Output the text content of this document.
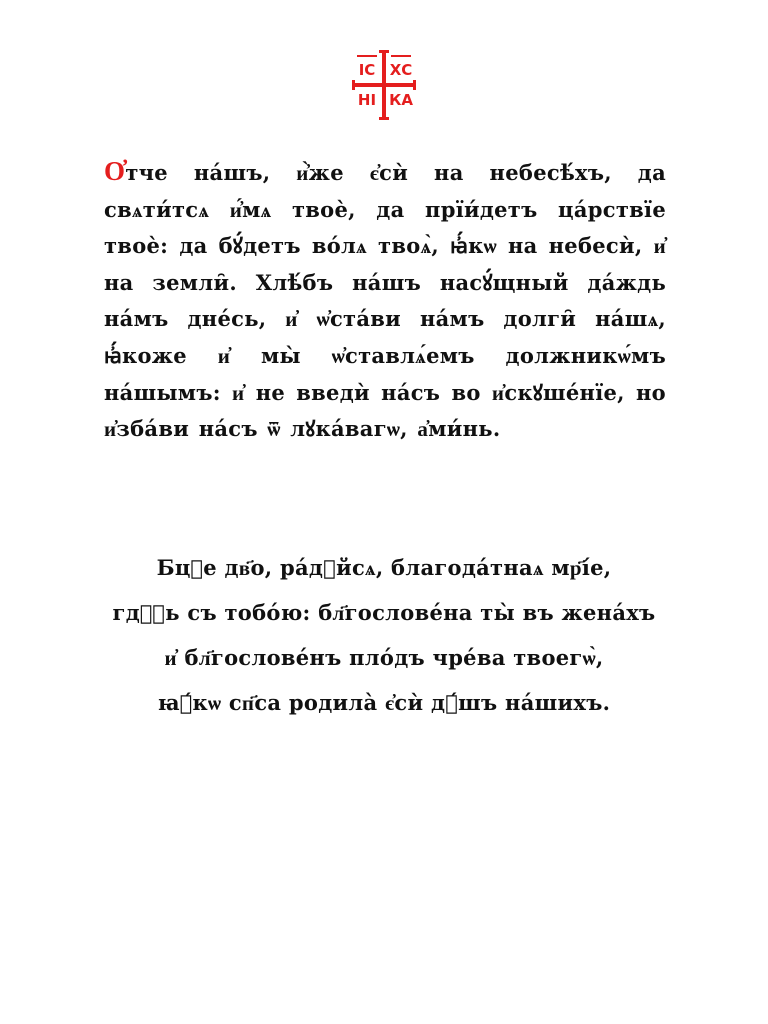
ІС ХС
НІ КА

О҆тче на́шъ, и҆̀же є҆сѝ на небесѣ́хъ, да свѧти́тсѧ и҆́мѧ твоѐ, да прїи́детъ ца́рствїе твоѐ: да бꙋ́детъ во́лѧ твоѧ̀, ꙗ҆́кѡ на небесѝ, и҆ на земли̑. Хлѣ́бъ на́шъ насꙋ́щный да́ждь на́мъ дне́сь, и҆ ѡ҆ста́ви на́мъ долги̑ на́шѧ, ꙗ҆́коже и҆ мы̀ ѡ҆ставлѧ́емъ должникѡ́мъ на́шымъ: и҆ не введѝ на́съ во и҆скꙋше́нїе, но и҆зба́ви на́съ ѿ лꙋка́вагѡ, а҆ми́нь.

Бцⷣе дв҃о, ра́дꙋйсѧ, благода́тнаѧ мр҃і́е,
гдⷭ҇ь съ тобо́ю: бл҃гослове́на ты̀ въ жена́хъ
и҆ бл҃гослове́нъ пло́дъ чре́ва твоегѡ̀,
ꙗ҆́кѡ сп҃са родила̀ є҆сѝ дꙋ́шъ на́шихъ.
